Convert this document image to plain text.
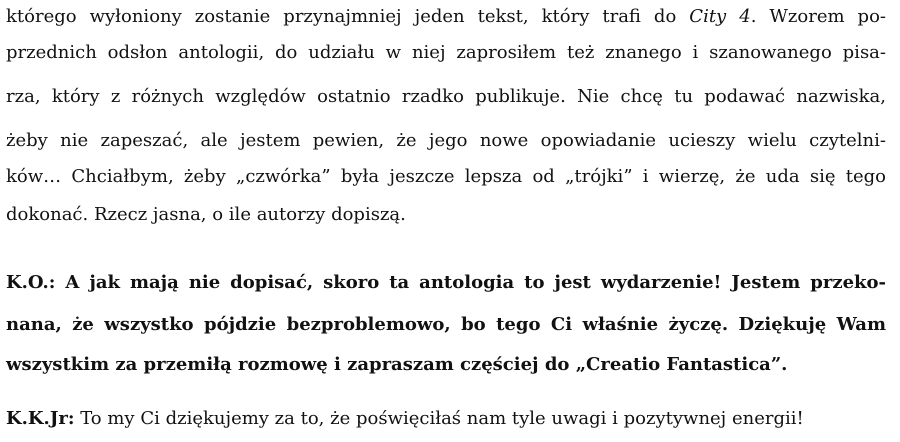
którego wyłoniony zostanie przynajmniej jeden tekst, który trafi do City 4. Wzorem po-
przednich odsłon antologii, do udziału w niej zaprosiłem też znanego i szanowanego pisa-
rza, który z różnych względów ostatnio rzadko publikuje. Nie chcę tu podawać nazwiska,
żeby nie zapeszać, ale jestem pewien, że jego nowe opowiadanie ucieszy wielu czytelni-
ków… Chciałbym, żeby „czwórka” była jeszcze lepsza od „trójki” i wierzę, że uda się tego
dokonać. Rzecz jasna, o ile autorzy dopiszą.
K.O.: A jak mają nie dopisać, skoro ta antologia to jest wydarzenie! Jestem przeko-
nana, że wszystko pójdzie bezproblemowo, bo tego Ci właśnie życzę. Dziękuję Wam
wszystkim za przemiłą rozmowę i zapraszam częściej do „Creatio Fantastica”.
K.K.Jr: To my Ci dziękujemy za to, że poświęciłaś nam tyle uwagi i pozytywnej energii!
